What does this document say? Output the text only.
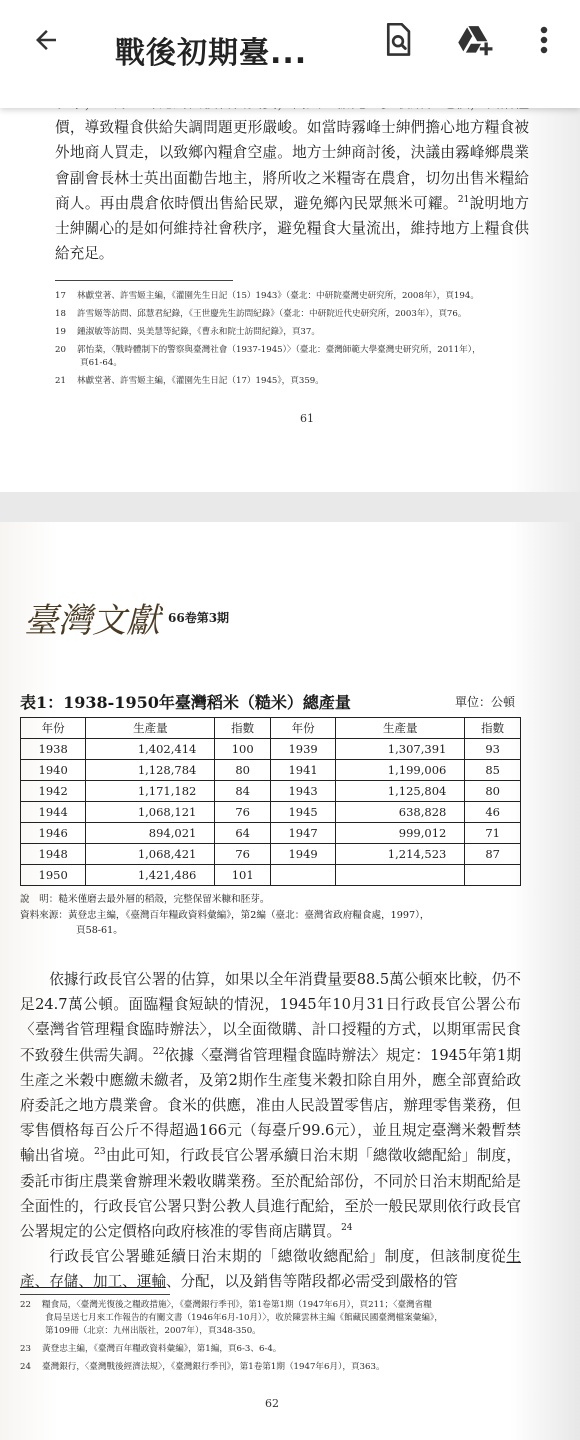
戰後初期臺...
價，導致糧食供給失調問題更形嚴峻。如當時霧峰士紳們擔心地方糧食被外地商人買走，以致鄉內糧倉空虛。地方士紳商討後，決議由霧峰鄉農業會副會長林士英出面勸告地主，將所收之米糧寄在農倉，切勿出售米糧給商人。再由農倉依時價出售給民眾，避免鄉內民眾無米可糴。$^{21}$說明地方士紳關心的是如何維持社會秩序，避免糧食大量流出，維持地方上糧食供給充足。
17 林獻堂著、許雪姬主編，《灌園先生日記（15）1943》（臺北：中研院臺灣史研究所，2008年），頁194。
18 許雪姬等訪問、邱慧君紀錄，《王世慶先生訪問紀錄》（臺北：中研院近代史研究所，2003年），頁76。
19 鍾淑敏等訪問、吳美慧等紀錄，《曹永和院士訪問紀錄》，頁37。
20 郭怡棻，〈戰時體制下的警察與臺灣社會（1937-1945）〉（臺北：臺灣師範大學臺灣史研究所，2011年），
頁61-64。
21 林獻堂著、許雪姬主編，《灌園先生日記（17）1945》，頁359。
61
臺灣文獻 66卷第3期
表1：1938-1950年臺灣稻米（糙米）總產量	單位：公頓
年份	生產量	指數	年份	生產量	指數
1938	1,402,414	100	1939	1,307,391	93
1940	1,128,784	80	1941	1,199,006	85
1942	1,171,182	84	1943	1,125,804	80
1944	1,068,121	76	1945	638,828	46
1946	894,021	64	1947	999,012	71
1948	1,068,421	76	1949	1,214,523	87
1950	1,421,486	101			
說　明：糙米僅磨去最外層的稻殼，完整保留米糠和胚芽。
資料來源：黃登忠主編，《臺灣百年糧政資料彙編》，第2編（臺北：臺灣省政府糧食處，1997），
頁58-61。
依據行政長官公署的估算，如果以全年消費量要88.5萬公頓來比較，仍不足24.7萬公頓。面臨糧食短缺的情況，1945年10月31日行政長官公署公布〈臺灣省管理糧食臨時辦法〉，以全面徵購、計口授糧的方式，以期軍需民食不致發生供需失調。$^{22}$依據〈臺灣省管理糧食臨時辦法〉規定：1945年第1期生產之米穀中應繳未繳者，及第2期作生產隻米穀扣除自用外，應全部賣給政府委託之地方農業會。食米的供應，准由人民設置零售店，辦理零售業務，但零售價格每百公斤不得超過166元（每臺斤99.6元），並且規定臺灣米穀暫禁輸出省境。$^{23}$由此可知，行政長官公署承續日治末期「總徵收總配給」制度，委託市街庄農業會辦理米穀收購業務。至於配給部份，不同於日治末期配給是全面性的，行政長官公署只對公教人員進行配給，至於一般民眾則依行政長官公署規定的公定價格向政府核准的零售商店購買。$^{24}$
行政長官公署雖延續日治末期的「總徵收總配給」制度，但該制度從生產、存儲、加工、運輸、分配，以及銷售等階段都必需受到嚴格的管
22 糧食局，〈臺灣光復後之糧政措施〉，《臺灣銀行季刊》，第1卷第1期（1947年6月），頁211；〈臺灣省糧
食局呈送七月來工作報告的有關文書（1946年6月-10月）〉，收於陳雲林主編《館藏民國臺灣檔案彙編》，
第109冊（北京：九州出版社，2007年），頁348-350。
23 黃登忠主編，《臺灣百年糧政資料彙編》，第1編，頁6-3、6-4。
24 臺灣銀行，〈臺灣戰後經濟法規〉，《臺灣銀行季刊》，第1卷第1期（1947年6月），頁363。
62
